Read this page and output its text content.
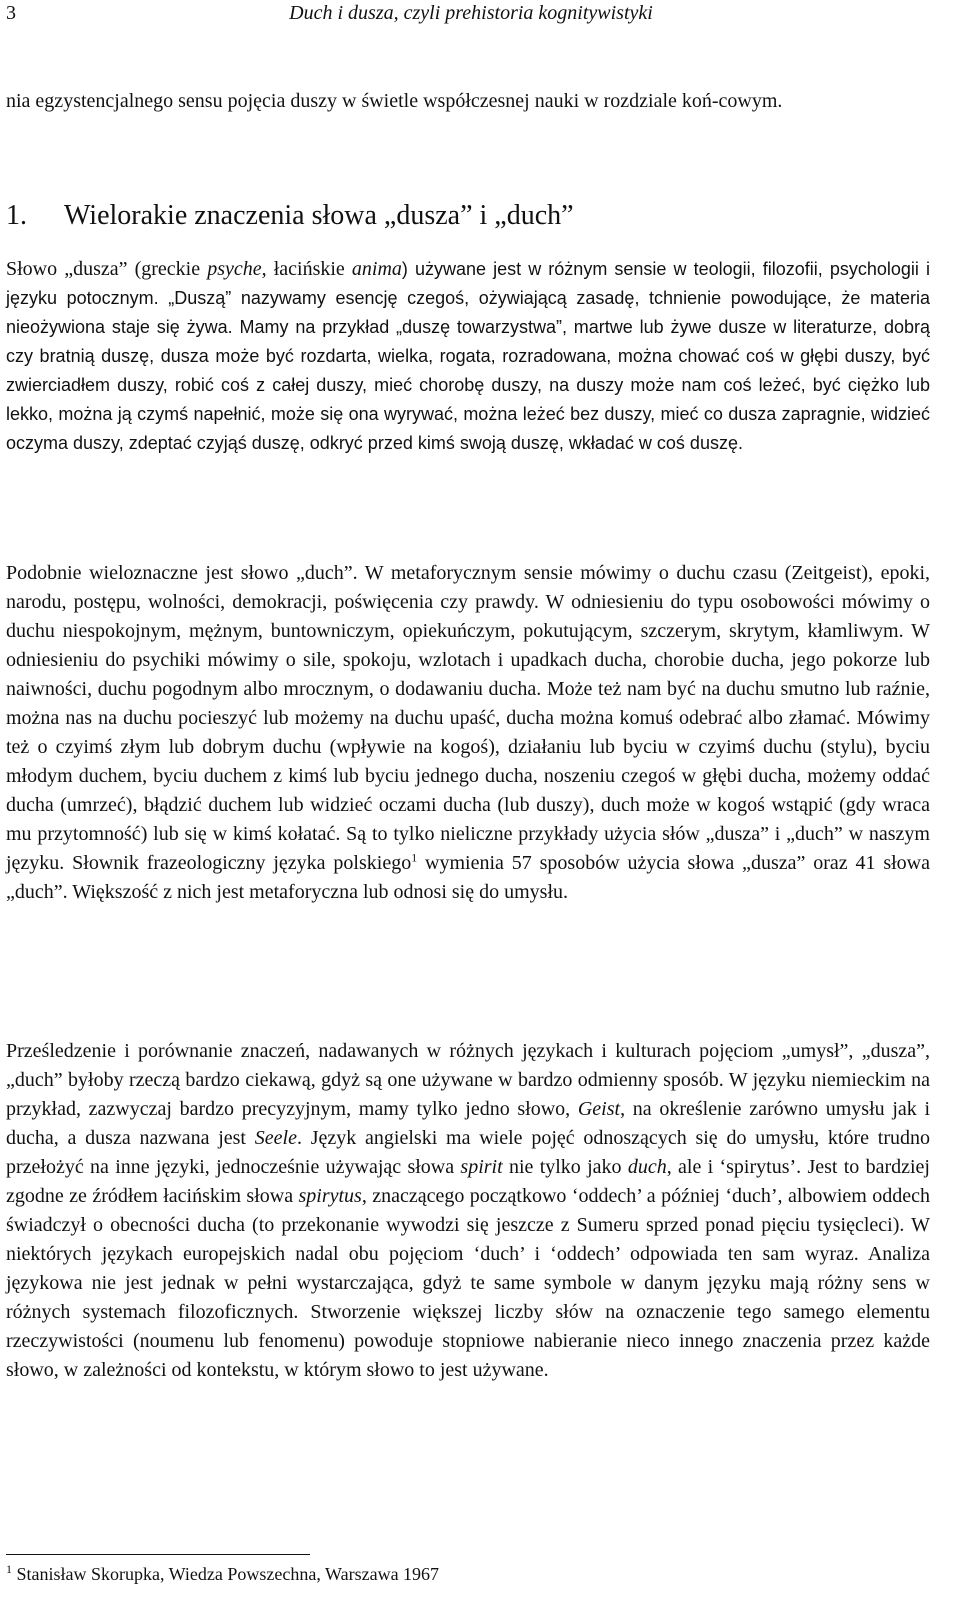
3	Duch i dusza, czyli prehistoria kognitywistyki
nia egzystencjalnego sensu pojęcia duszy w świetle współczesnej nauki w rozdziale koń-cowym.
1. Wielorakie znaczenia słowa „dusza” i „duch”
Słowo „dusza” (greckie psyche, łacińskie anima) używane jest w różnym sensie w teologii, filozofii, psychologii i języku potocznym. „Duszą” nazywamy esencję czegoś, ożywiającą zasadę, tchnienie powodujące, że materia nieożywiona staje się żywa. Mamy na przykład „duszę towarzystwa”, martwe lub żywe dusze w literaturze, dobrą czy bratnią duszę, dusza może być rozdarta, wielka, rogata, rozradowana, można chować coś w głębi duszy, być zwierciadłem duszy, robić coś z całej duszy, mieć chorobę duszy, na duszy może nam coś leżeć, być ciężko lub lekko, można ją czymś napełnić, może się ona wyrywać, można leżeć bez duszy, mieć co dusza zapragnie, widzieć oczyma duszy, zdeptać czyjąś duszę, odkryć przed kimś swoją duszę, wkładać w coś duszę.
Podobnie wieloznaczne jest słowo „duch”. W metaforycznym sensie mówimy o duchu czasu (Zeitgeist), epoki, narodu, postępu, wolności, demokracji, poświęcenia czy prawdy. W odniesieniu do typu osobowości mówimy o duchu niespokojnym, mężnym, buntowniczym, opiekuńczym, pokutującym, szczerym, skrytym, kłamliwym. W odniesieniu do psychiki mówimy o sile, spokoju, wzlotach i upadkach ducha, chorobie ducha, jego pokorze lub naiwności, duchu pogodnym albo mrocznym, o dodawaniu ducha. Może też nam być na duchu smutno lub raźnie, można nas na duchu pocieszyć lub możemy na duchu upaść, ducha można komuś odebrać albo złamać. Mówimy też o czyimś złym lub dobrym duchu (wpływie na kogoś), działaniu lub byciu w czyimś duchu (stylu), byciu młodym duchem, byciu duchem z kimś lub byciu jednego ducha, noszeniu czegoś w głębi ducha, możemy oddać ducha (umrzeć), błądzić duchem lub widzieć oczami ducha (lub duszy), duch może w kogoś wstąpić (gdy wraca mu przytomność) lub się w kimś kołatać. Są to tylko nieliczne przykłady użycia słów „dusza” i „duch” w naszym języku. Słownik frazeologiczny języka polskiego$^1$ wymienia 57 sposobów użycia słowa „dusza” oraz 41 słowa „duch”. Większość z nich jest metaforyczna lub odnosi się do umysłu.
Prześledzenie i porównanie znaczeń, nadawanych w różnych językach i kulturach pojęciom „umysł”, „dusza”, „duch” byłoby rzeczą bardzo ciekawą, gdyż są one używane w bardzo odmienny sposób. W języku niemieckim na przykład, zazwyczaj bardzo precyzyjnym, mamy tylko jedno słowo, Geist, na określenie zarówno umysłu jak i ducha, a dusza nazwana jest Seele. Język angielski ma wiele pojęć odnoszących się do umysłu, które trudno przełożyć na inne języki, jednocześnie używając słowa spirit nie tylko jako duch, ale i ‘spirytus’. Jest to bardziej zgodne ze źródłem łacińskim słowa spirytus, znaczącego początkowo ‘oddech’ a później ‘duch’, albowiem oddech świadczył o obecności ducha (to przekonanie wywodzi się jeszcze z Sumeru sprzed ponad pięciu tysięcleci). W niektórych językach europejskich nadal obu pojęciom ‘duch’ i ‘oddech’ odpowiada ten sam wyraz. Analiza językowa nie jest jednak w pełni wystarczająca, gdyż te same symbole w danym języku mają różny sens w różnych systemach filozoficznych. Stworzenie większej liczby słów na oznaczenie tego samego elementu rzeczywistości (noumenu lub fenomenu) powoduje stopniowe nabieranie nieco innego znaczenia przez każde słowo, w zależności od kontekstu, w którym słowo to jest używane.
$^1$ Stanisław Skorupka, Wiedza Powszechna, Warszawa 1967
